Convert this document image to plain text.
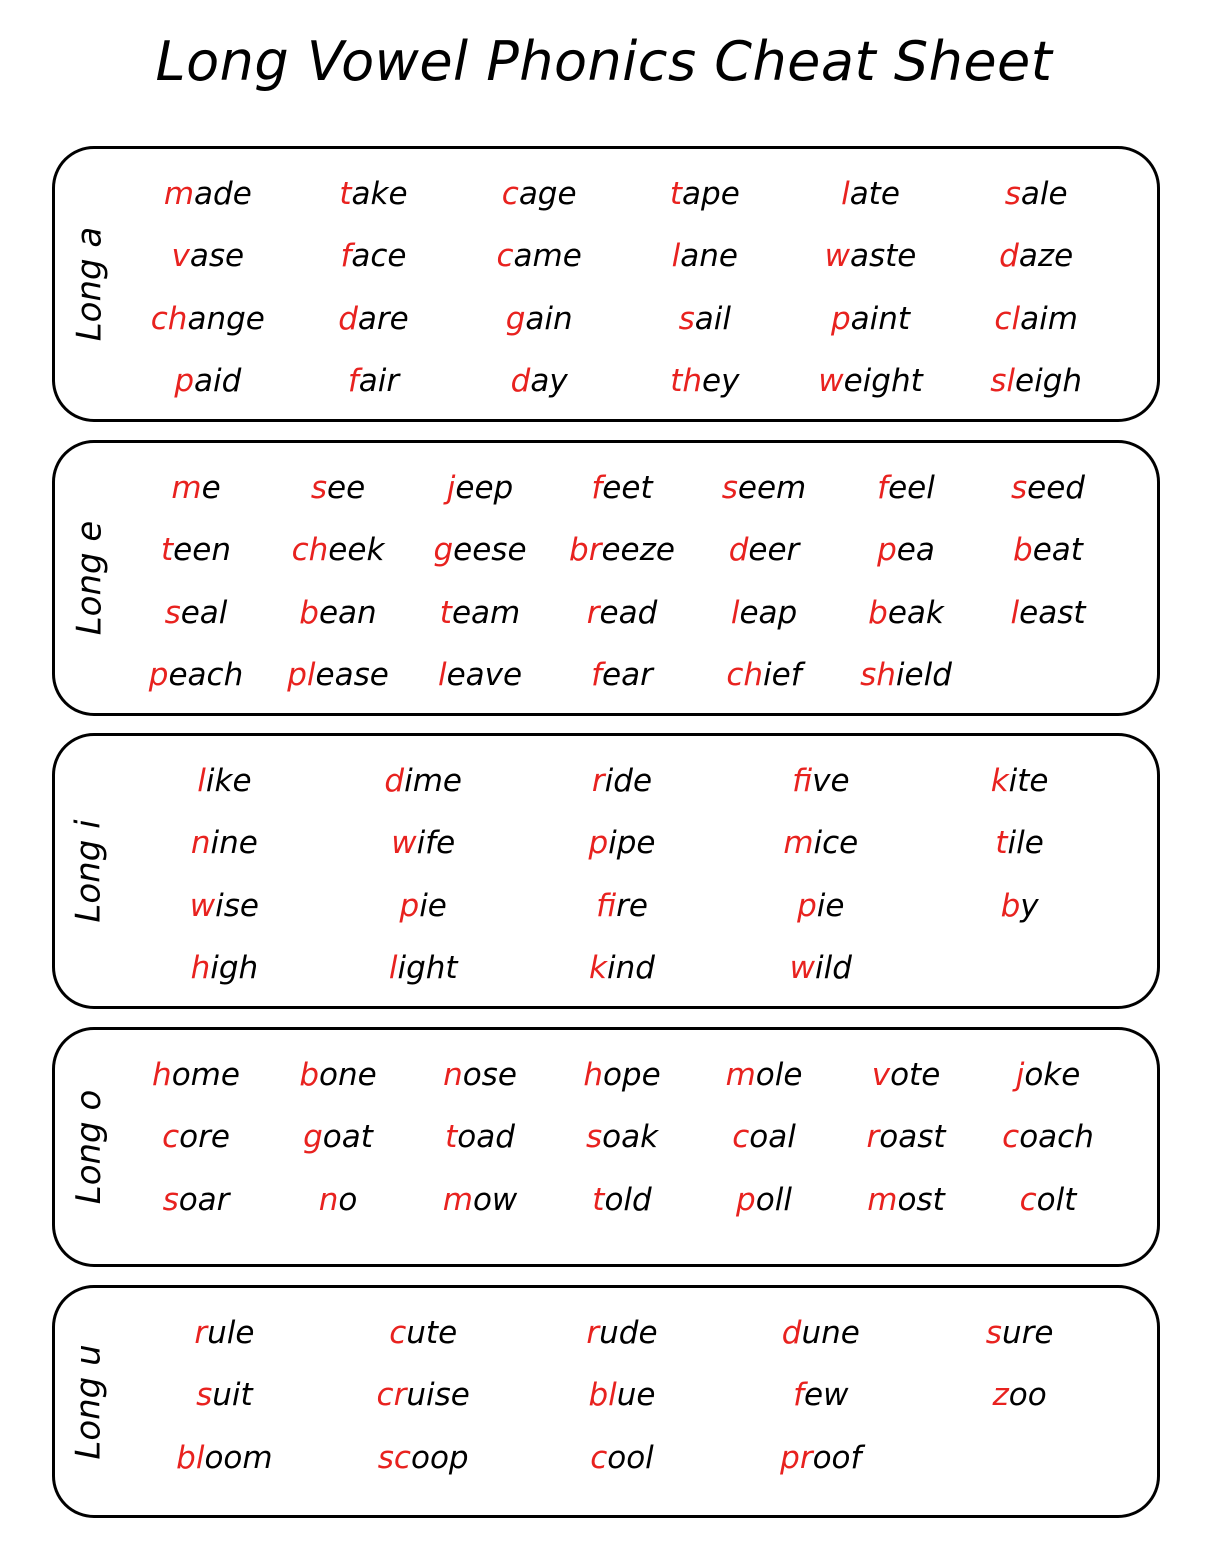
Long Vowel Phonics Cheat Sheet
Long a
made	take	cage	tape	late	sale
vase	face	came	lane	waste	daze
change	dare	gain	sail	paint	claim
paid	fair	day	they	weight	sleigh
Long e
me	see	jeep	feet	seem	feel	seed
teen	cheek	geese	breeze	deer	pea	beat
seal	bean	team	read	leap	beak	least
peach	please	leave	fear	chief	shield
Long i
like	dime	ride	five	kite
nine	wife	pipe	mice	tile
wise	pie	fire	pie	by
high	light	kind	wild
Long o
home	bone	nose	hope	mole	vote	joke
core	goat	toad	soak	coal	roast	coach
soar	no	mow	told	poll	most	colt
Long u
rule	cute	rude	dune	sure
suit	cruise	blue	few	zoo
bloom	scoop	cool	proof
